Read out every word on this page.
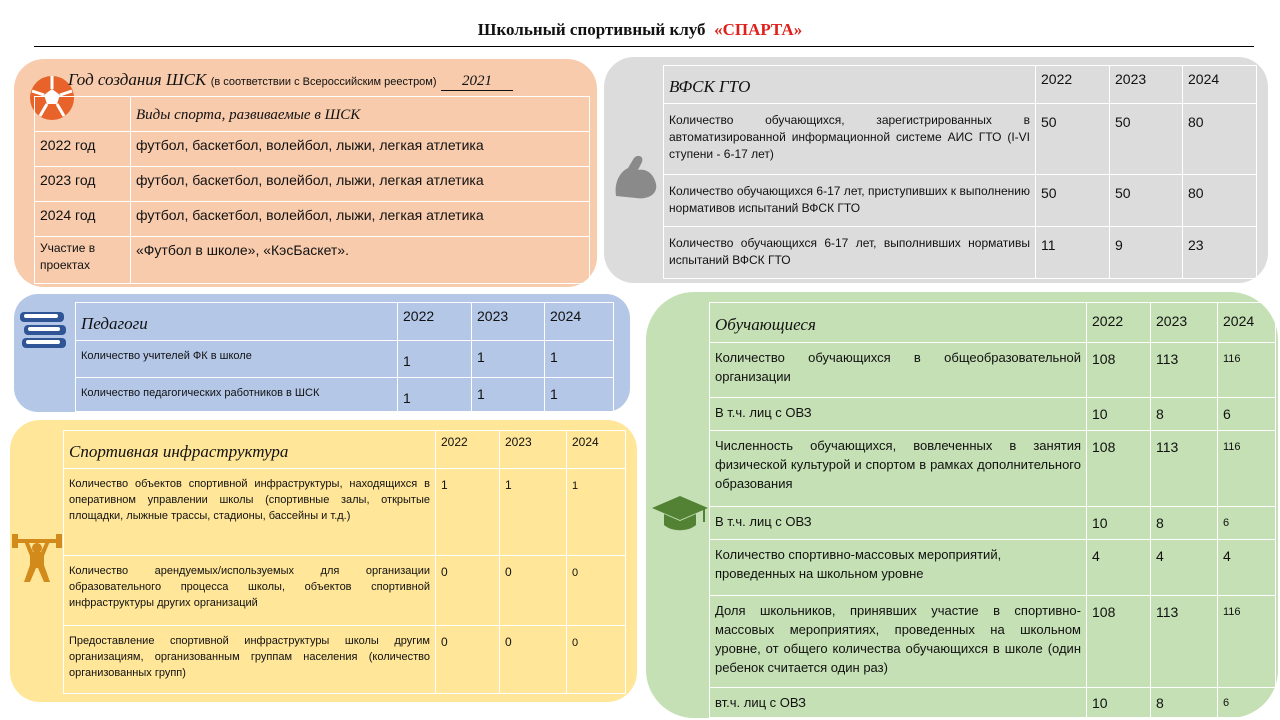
Школьный спортивный клуб «СПАРТА»
Год создания ШСК (в соответствии с Всероссийским реестром) 2021
	Виды спорта, развиваемые в ШСК
2022 год	футбол, баскетбол, волейбол, лыжи, легкая атлетика
2023 год	футбол, баскетбол, волейбол, лыжи, легкая атлетика
2024 год	футбол, баскетбол, волейбол, лыжи, легкая атлетика
Участие в проектах	«Футбол в школе», «КэсБаскет».
ВФСК ГТО	2022	2023	2024
Количество обучающихся, зарегистрированных в автоматизированной информационной системе АИС ГТО (I-VI ступени - 6-17 лет)	50	50	80
Количество обучающихся 6-17 лет, приступивших к выполнению нормативов испытаний ВФСК ГТО	50	50	80
Количество обучающихся 6-17 лет, выполнивших нормативы испытаний ВФСК ГТО	11	9	23
Педагоги	2022	2023	2024
Количество учителей ФК в школе	1	1	1
Количество педагогических работников в ШСК	1	1	1
Спортивная инфраструктура	2022	2023	2024
Количество объектов спортивной инфраструктуры, находящихся в оперативном управлении школы (спортивные залы, открытые площадки, лыжные трассы, стадионы, бассейны и т.д.)	1	1	1
Количество арендуемых/используемых для организации образовательного процесса школы, объектов спортивной инфраструктуры других организаций	0	0	0
Предоставление спортивной инфраструктуры школы другим организациям, организованным группам населения (количество организованных групп)	0	0	0
Обучающиеся	2022	2023	2024
Количество обучающихся в общеобразовательной организации	108	113	116
В т.ч. лиц с ОВЗ	10	8	6
Численность обучающихся, вовлеченных в занятия физической культурой и спортом в рамках дополнительного образования	108	113	116
В т.ч. лиц с ОВЗ	10	8	6
Количество спортивно-массовых мероприятий, проведенных на школьном уровне	4	4	4
Доля школьников, принявших участие в спортивно-массовых мероприятиях, проведенных на школьном уровне, от общего количества обучающихся в школе (один ребенок считается один раз)	108	113	116
вт.ч. лиц с ОВЗ	10	8	6
